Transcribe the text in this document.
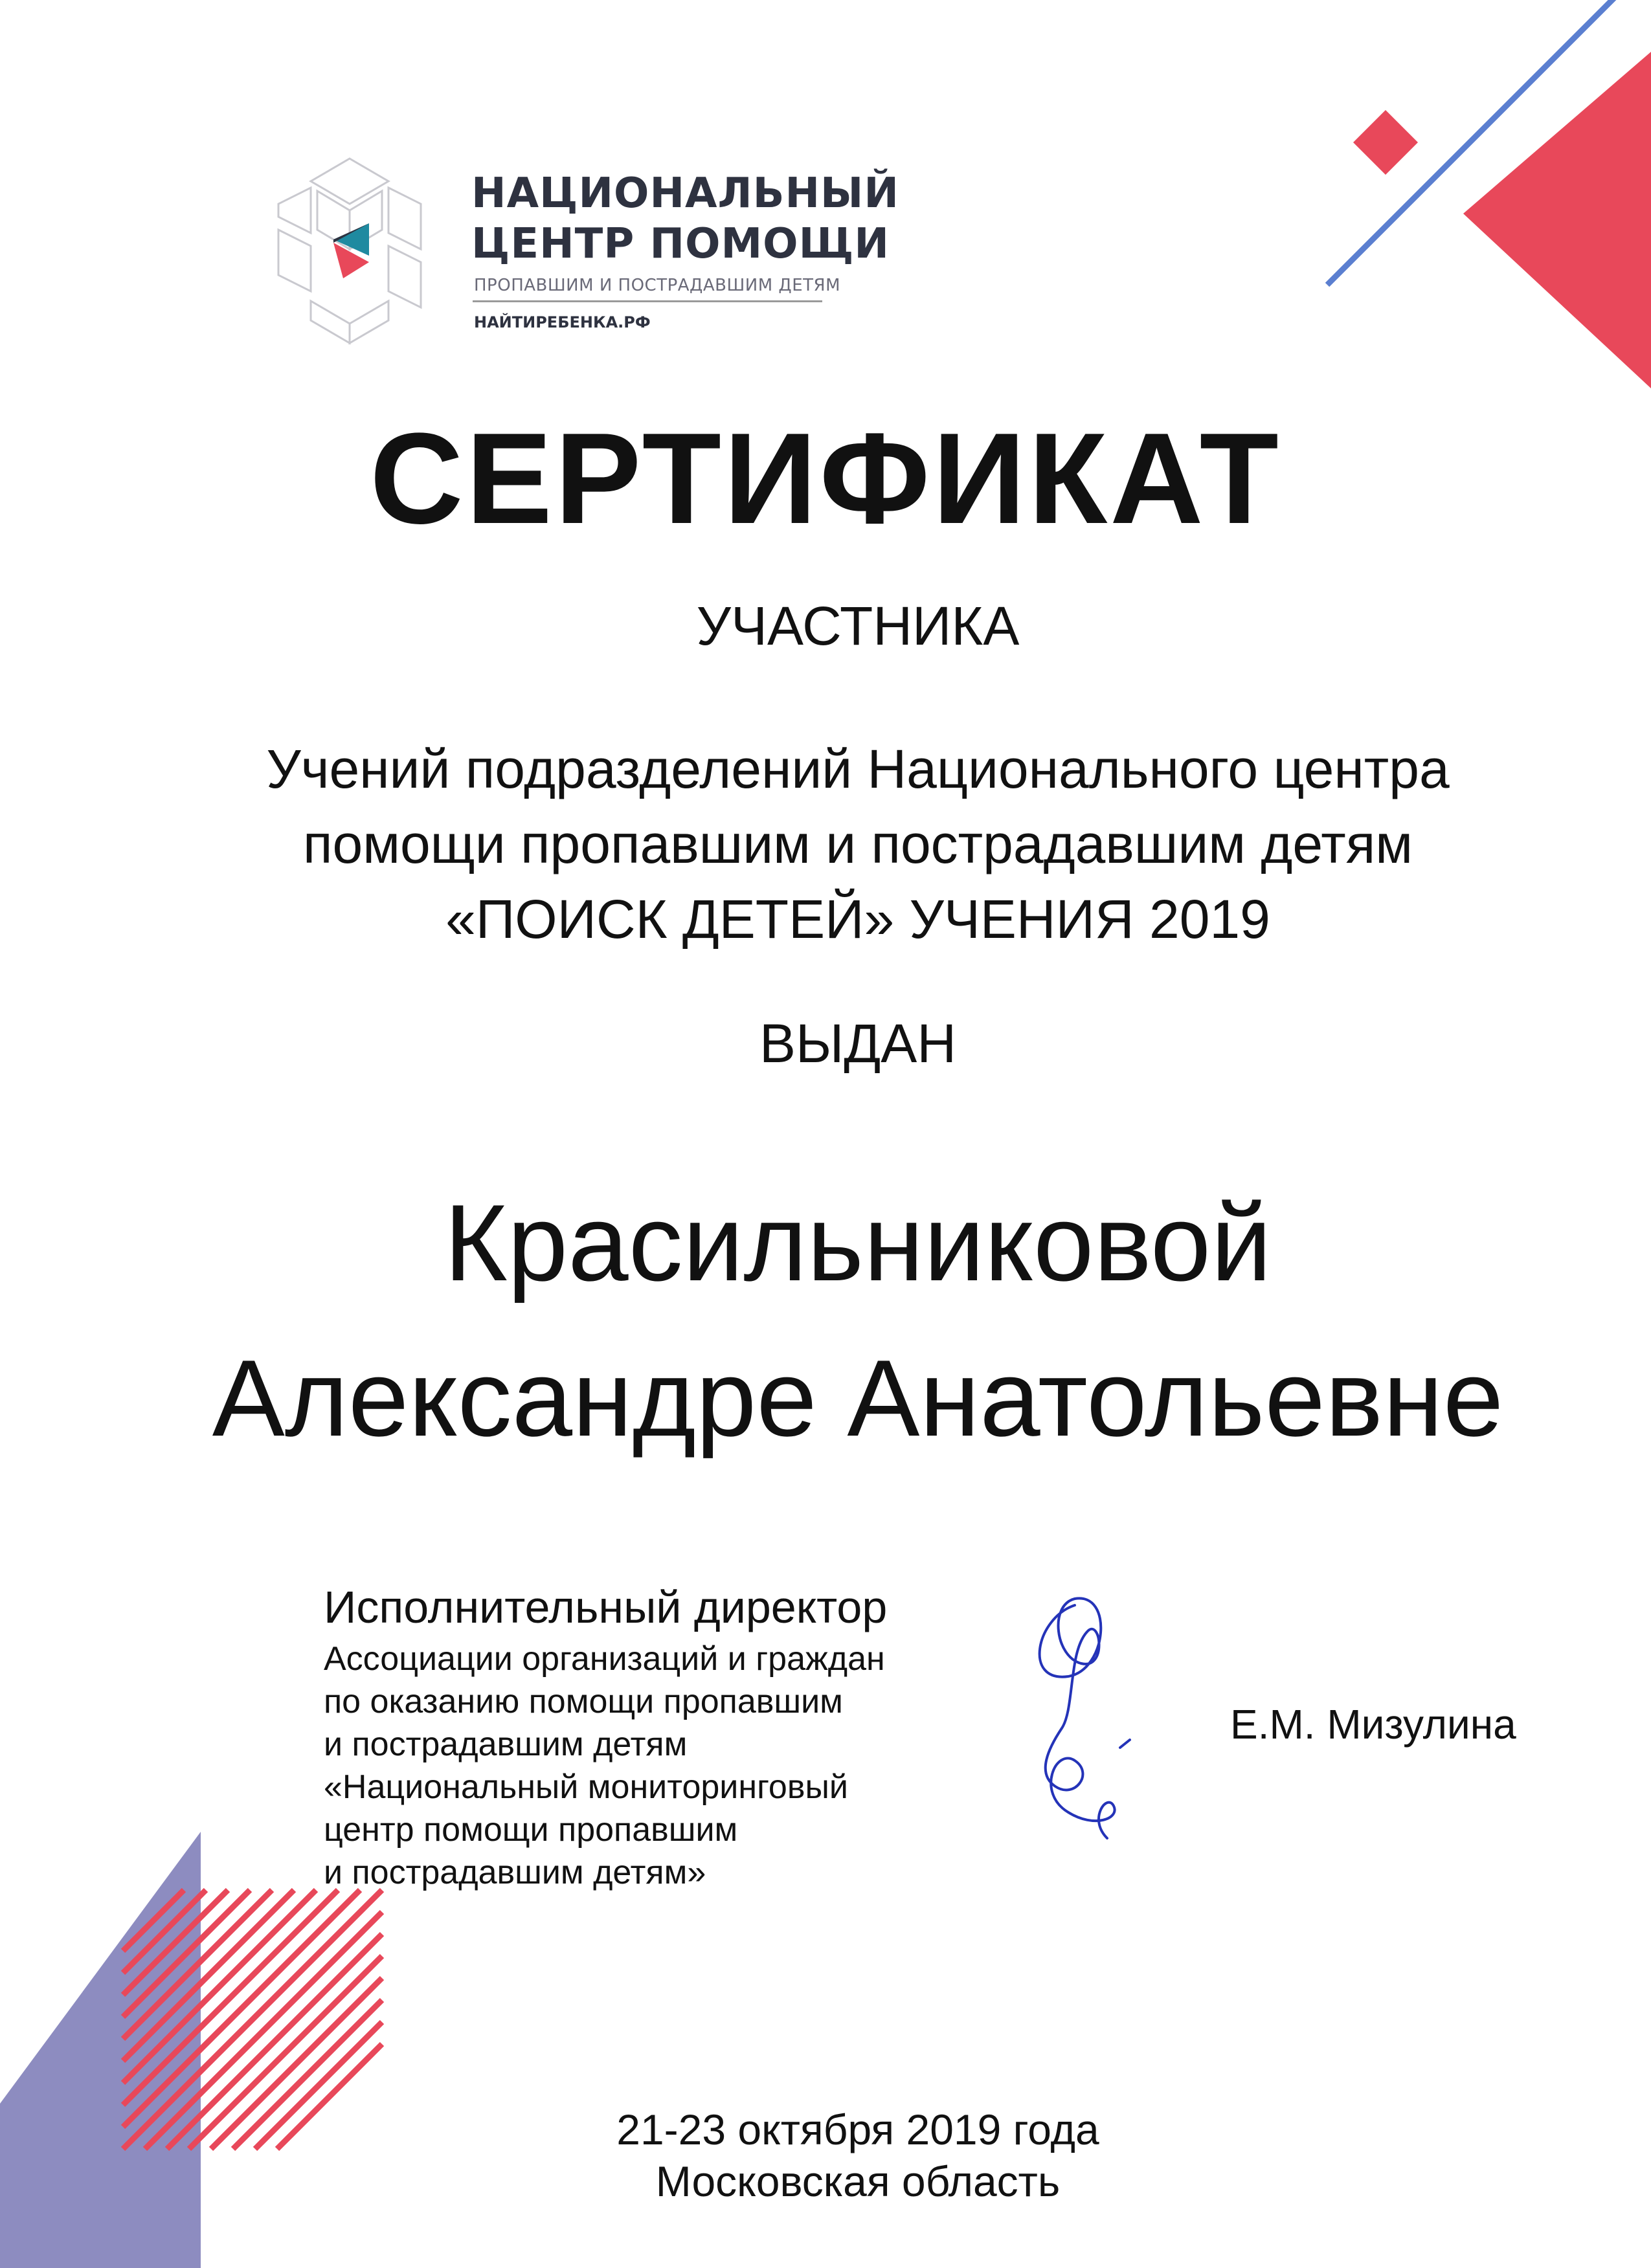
НАЦИОНАЛЬНЫЙ
ЦЕНТР ПОМОЩИ
ПРОПАВШИМ И ПОСТРАДАВШИМ ДЕТЯМ
НАЙТИРЕБЕНКА.РФ
СЕРТИФИКАТ
УЧАСТНИКА
Учений подразделений Национального центра
помощи пропавшим и пострадавшим детям
«ПОИСК ДЕТЕЙ» УЧЕНИЯ 2019
ВЫДАН
Красильниковой
Александре Анатольевне
Исполнительный директор
Ассоциации организаций и граждан
по оказанию помощи пропавшим
и пострадавшим детям
«Национальный мониторинговый
центр помощи пропавшим
и пострадавшим детям»
Е.М. Мизулина
21-23 октября 2019 года
Московская область
